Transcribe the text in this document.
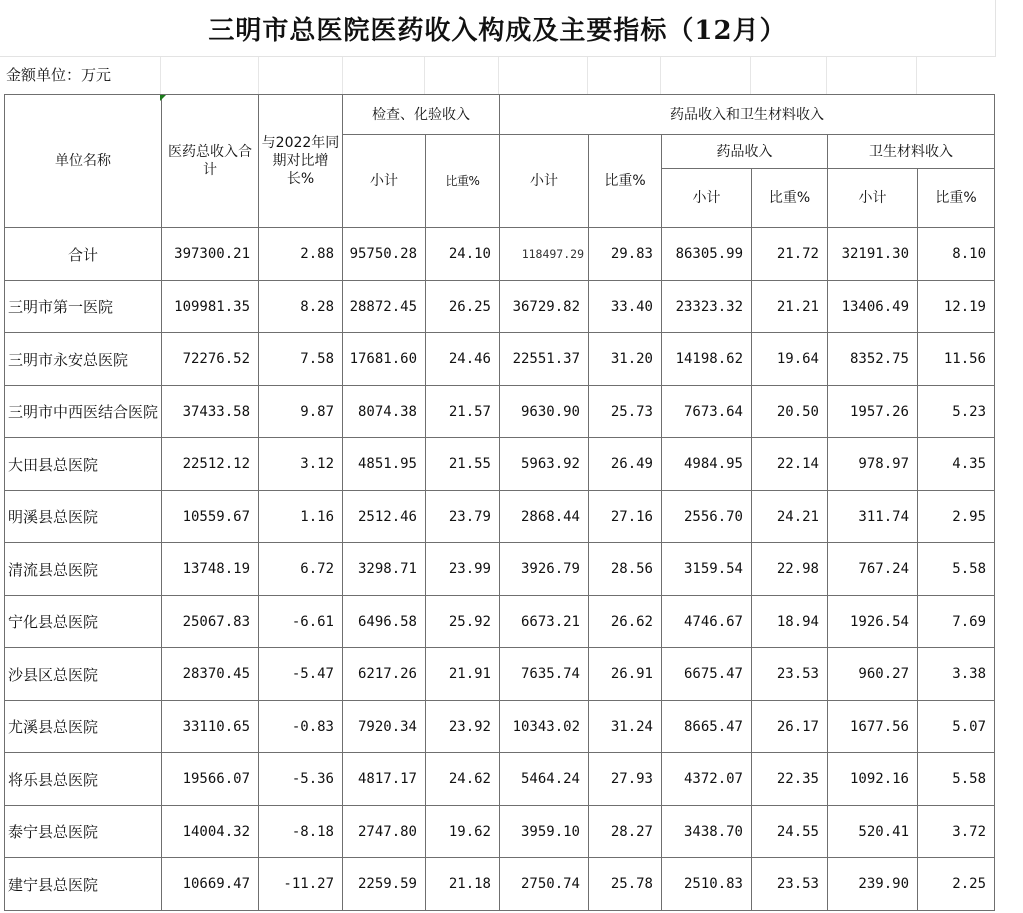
三明市总医院医药收入构成及主要指标（12月）
金额单位：万元
单位名称	医药总收入合计	与2022年同期对比增长%	检查、化验收入		药品收入和卫生材料收入					
			小计	比重%	小计	比重%	药品收入		卫生材料收入	
							小计	比重%	小计	比重%
合计	397300.21	2.88	95750.28	24.10	118497.29	29.83	86305.99	21.72	32191.30	8.10
三明市第一医院	109981.35	8.28	28872.45	26.25	36729.82	33.40	23323.32	21.21	13406.49	12.19
三明市永安总医院	72276.52	7.58	17681.60	24.46	22551.37	31.20	14198.62	19.64	8352.75	11.56
三明市中西医结合医院	37433.58	9.87	8074.38	21.57	9630.90	25.73	7673.64	20.50	1957.26	5.23
大田县总医院	22512.12	3.12	4851.95	21.55	5963.92	26.49	4984.95	22.14	978.97	4.35
明溪县总医院	10559.67	1.16	2512.46	23.79	2868.44	27.16	2556.70	24.21	311.74	2.95
清流县总医院	13748.19	6.72	3298.71	23.99	3926.79	28.56	3159.54	22.98	767.24	5.58
宁化县总医院	25067.83	-6.61	6496.58	25.92	6673.21	26.62	4746.67	18.94	1926.54	7.69
沙县区总医院	28370.45	-5.47	6217.26	21.91	7635.74	26.91	6675.47	23.53	960.27	3.38
尤溪县总医院	33110.65	-0.83	7920.34	23.92	10343.02	31.24	8665.47	26.17	1677.56	5.07
将乐县总医院	19566.07	-5.36	4817.17	24.62	5464.24	27.93	4372.07	22.35	1092.16	5.58
泰宁县总医院	14004.32	-8.18	2747.80	19.62	3959.10	28.27	3438.70	24.55	520.41	3.72
建宁县总医院	10669.47	-11.27	2259.59	21.18	2750.74	25.78	2510.83	23.53	239.90	2.25
